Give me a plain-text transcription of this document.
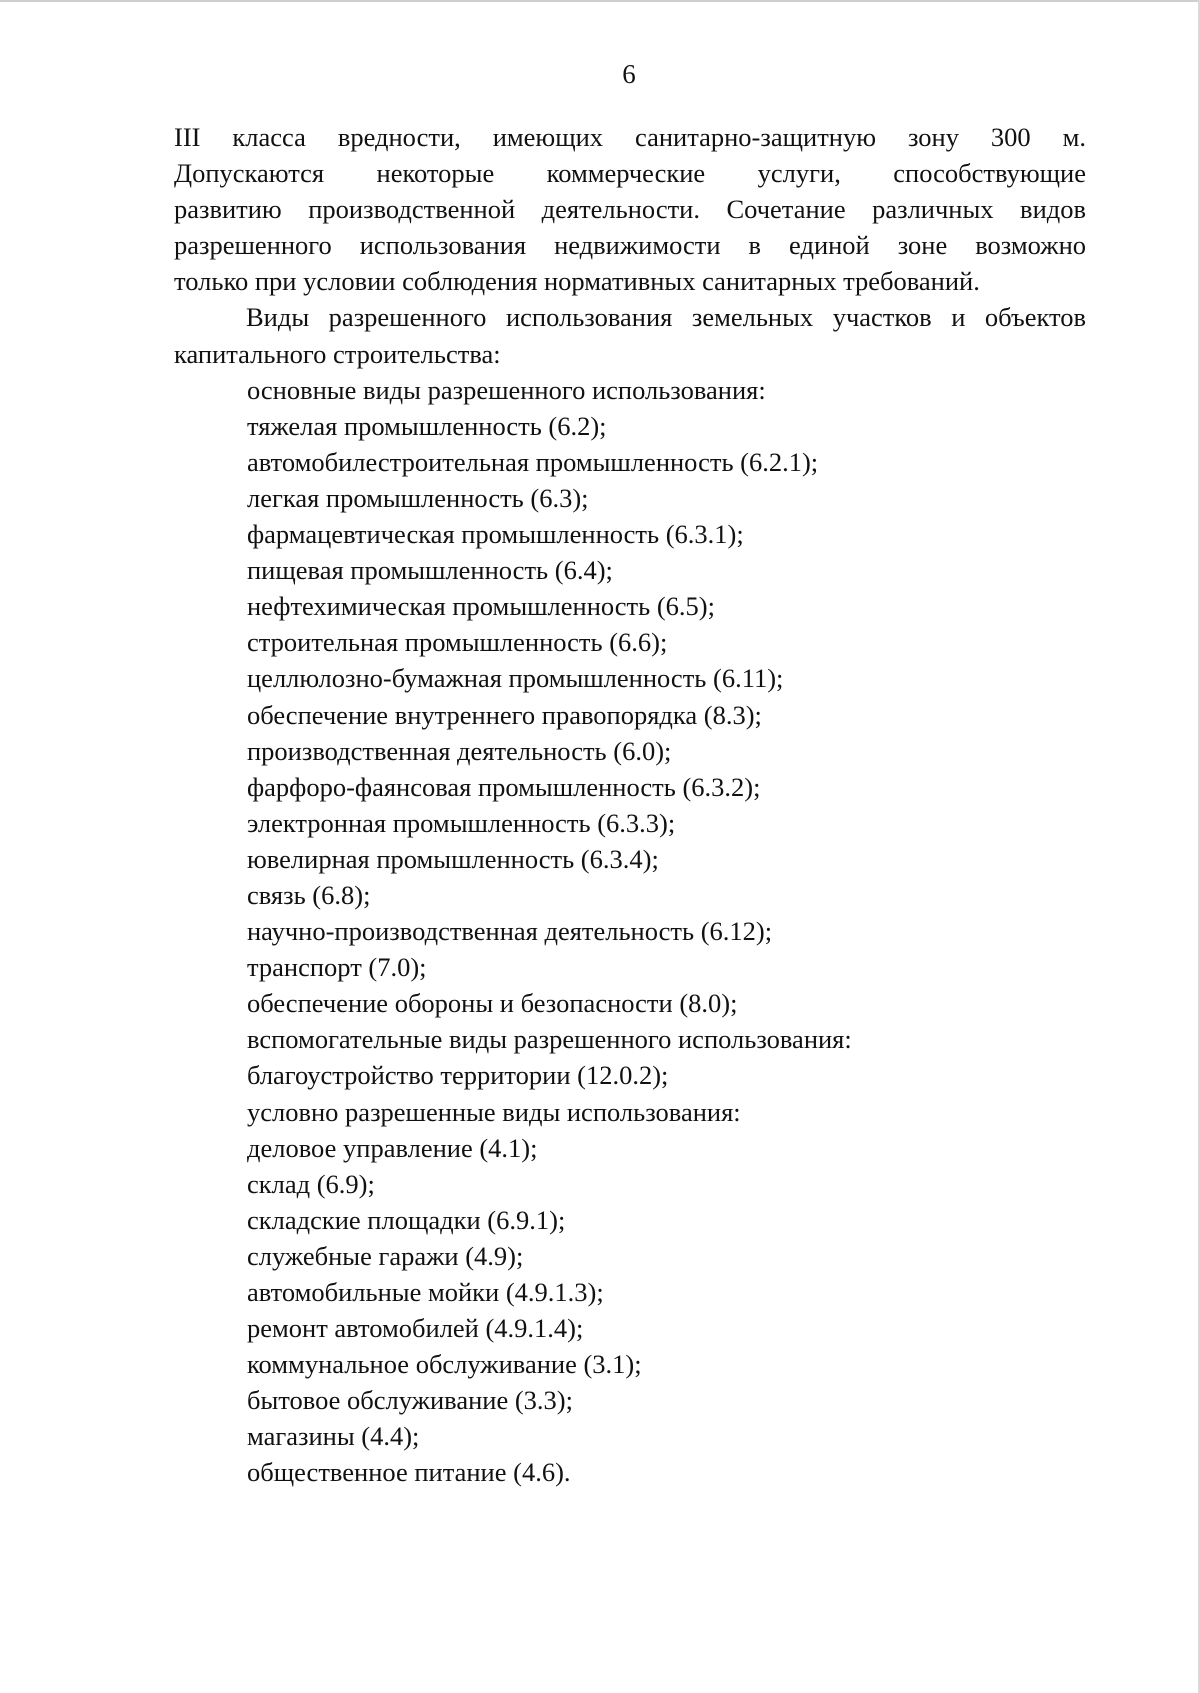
6

III класса вредности, имеющих санитарно-защитную зону 300 м.
Допускаются некоторые коммерческие услуги, способствующие
развитию производственной деятельности. Сочетание различных видов
разрешенного использования недвижимости в единой зоне возможно
только при условии соблюдения нормативных санитарных требований.

Виды разрешенного использования земельных участков и объектов
капитального строительства:

основные виды разрешенного использования:
тяжелая промышленность (6.2);
автомобилестроительная промышленность (6.2.1);
легкая промышленность (6.3);
фармацевтическая промышленность (6.3.1);
пищевая промышленность (6.4);
нефтехимическая промышленность (6.5);
строительная промышленность (6.6);
целлюлозно-бумажная промышленность (6.11);
обеспечение внутреннего правопорядка (8.3);
производственная деятельность (6.0);
фарфоро-фаянсовая промышленность (6.3.2);
электронная промышленность (6.3.3);
ювелирная промышленность (6.3.4);
связь (6.8);
научно-производственная деятельность (6.12);
транспорт (7.0);
обеспечение обороны и безопасности (8.0);
вспомогательные виды разрешенного использования:
благоустройство территории (12.0.2);
условно разрешенные виды использования:
деловое управление (4.1);
склад (6.9);
складские площадки (6.9.1);
служебные гаражи (4.9);
автомобильные мойки (4.9.1.3);
ремонт автомобилей (4.9.1.4);
коммунальное обслуживание (3.1);
бытовое обслуживание (3.3);
магазины (4.4);
общественное питание (4.6).
